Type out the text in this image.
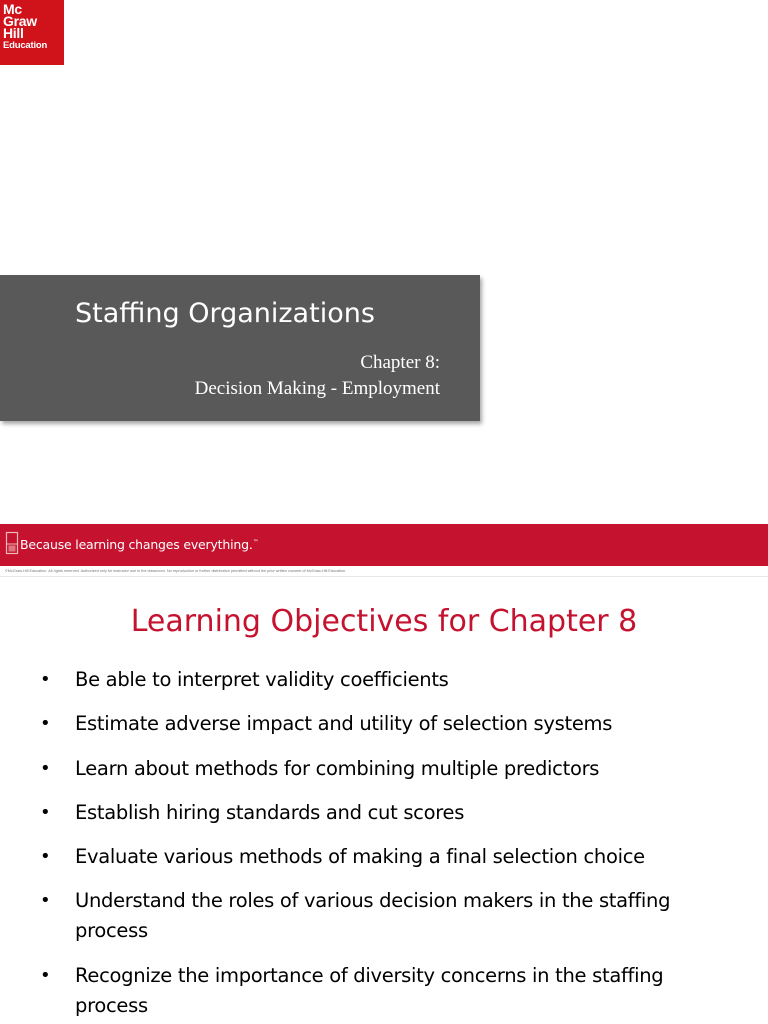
Mc
Graw
Hill
Education
Staffing Organizations
Chapter 8:
Decision Making - Employment
Because learning changes everything.™
©McGraw-Hill Education. All rights reserved. Authorized only for instructor use in the classroom. No reproduction or further distribution permitted without the prior written consent of McGraw-Hill Education.
Learning Objectives for Chapter 8
• Be able to interpret validity coefficients
• Estimate adverse impact and utility of selection systems
• Learn about methods for combining multiple predictors
• Establish hiring standards and cut scores
• Evaluate various methods of making a final selection choice
• Understand the roles of various decision makers in the staffing process
• Recognize the importance of diversity concerns in the staffing process
